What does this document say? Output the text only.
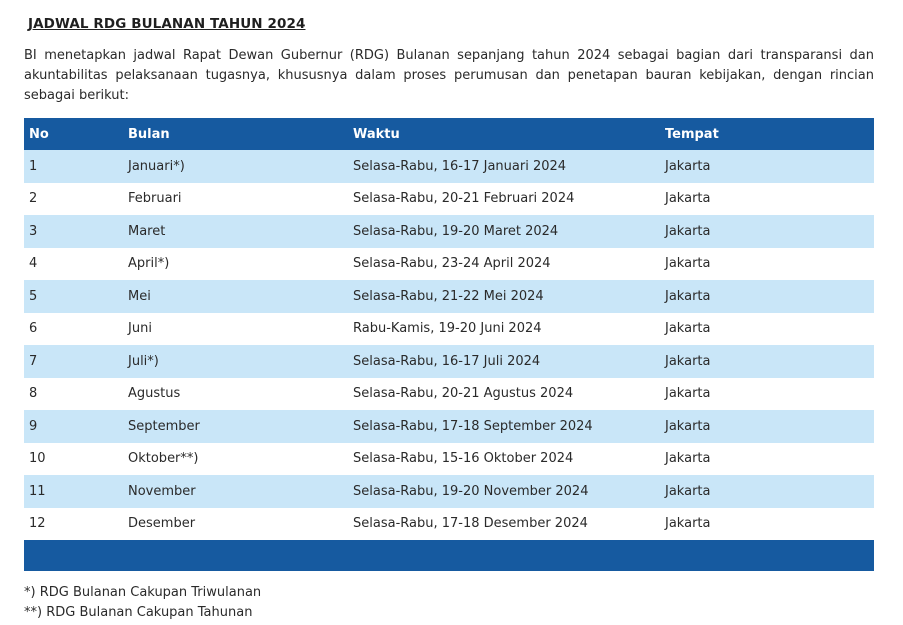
JADWAL RDG BULANAN TAHUN 2024

BI menetapkan jadwal Rapat Dewan Gubernur (RDG) Bulanan sepanjang tahun 2024 sebagai bagian dari transparansi dan akuntabilitas pelaksanaan tugasnya, khususnya dalam proses perumusan dan penetapan bauran kebijakan, dengan rincian sebagai berikut:

No	Bulan	Waktu	Tempat
1	Januari*)	Selasa-Rabu, 16-17 Januari 2024	Jakarta
2	Februari	Selasa-Rabu, 20-21 Februari 2024	Jakarta
3	Maret	Selasa-Rabu, 19-20 Maret 2024	Jakarta
4	April*)	Selasa-Rabu, 23-24 April 2024	Jakarta
5	Mei	Selasa-Rabu, 21-22 Mei 2024	Jakarta
6	Juni	Rabu-Kamis, 19-20 Juni 2024	Jakarta
7	Juli*)	Selasa-Rabu, 16-17 Juli 2024	Jakarta
8	Agustus	Selasa-Rabu, 20-21 Agustus 2024	Jakarta
9	September	Selasa-Rabu, 17-18 September 2024	Jakarta
10	Oktober**)	Selasa-Rabu, 15-16 Oktober 2024	Jakarta
11	November	Selasa-Rabu, 19-20 November 2024	Jakarta
12	Desember	Selasa-Rabu, 17-18 Desember 2024	Jakarta

*) RDG Bulanan Cakupan Triwulanan
**) RDG Bulanan Cakupan Tahunan
